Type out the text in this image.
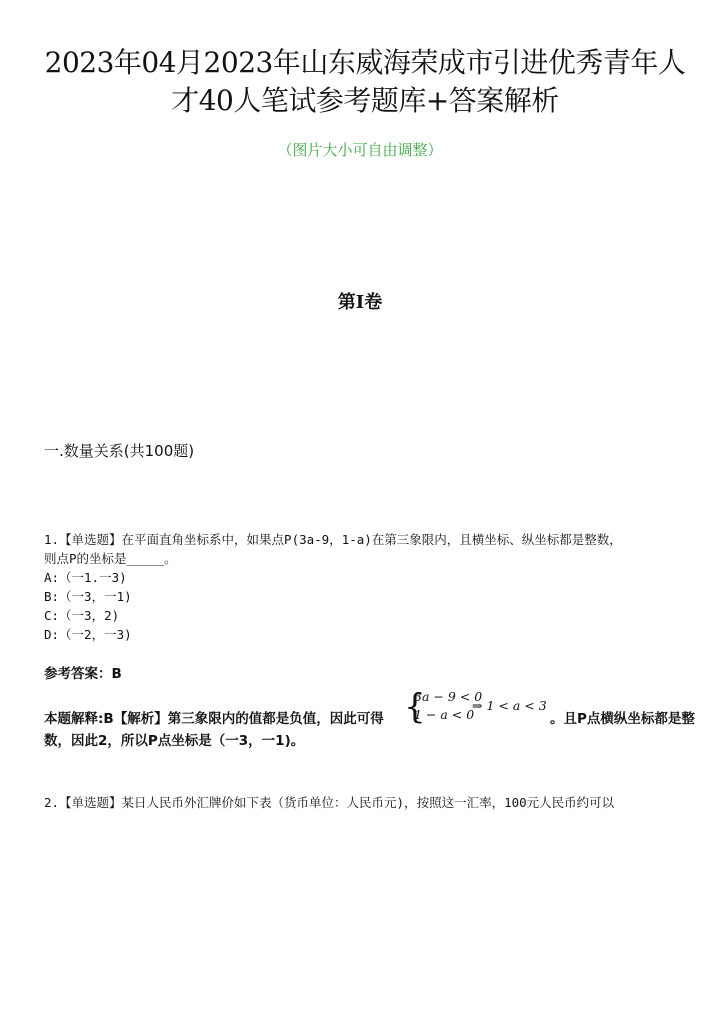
2023年04月2023年山东威海荣成市引进优秀青年人
才40人笔试参考题库+答案解析
（图片大小可自由调整）
第I卷
一.数量关系(共100题)
1.【单选题】在平面直角坐标系中，如果点P(3a-9，1-a)在第三象限内，且横坐标、纵坐标都是整数，
则点P的坐标是_____。
A:（一1.一3)
B:（一3，一1)
C:（一3，2)
D:（一2，一3)
参考答案：B
本题解释:B【解析】第三象限内的值都是负值，因此可得 {
3a − 9 < 0
1 − a < 0
⇒ 1 < a < 3
。且P点横纵坐标都是整
数，因此2，所以P点坐标是（一3，一1)。
2.【单选题】某日人民币外汇牌价如下表（货币单位：人民币元)，按照这一汇率，100元人民币约可以
